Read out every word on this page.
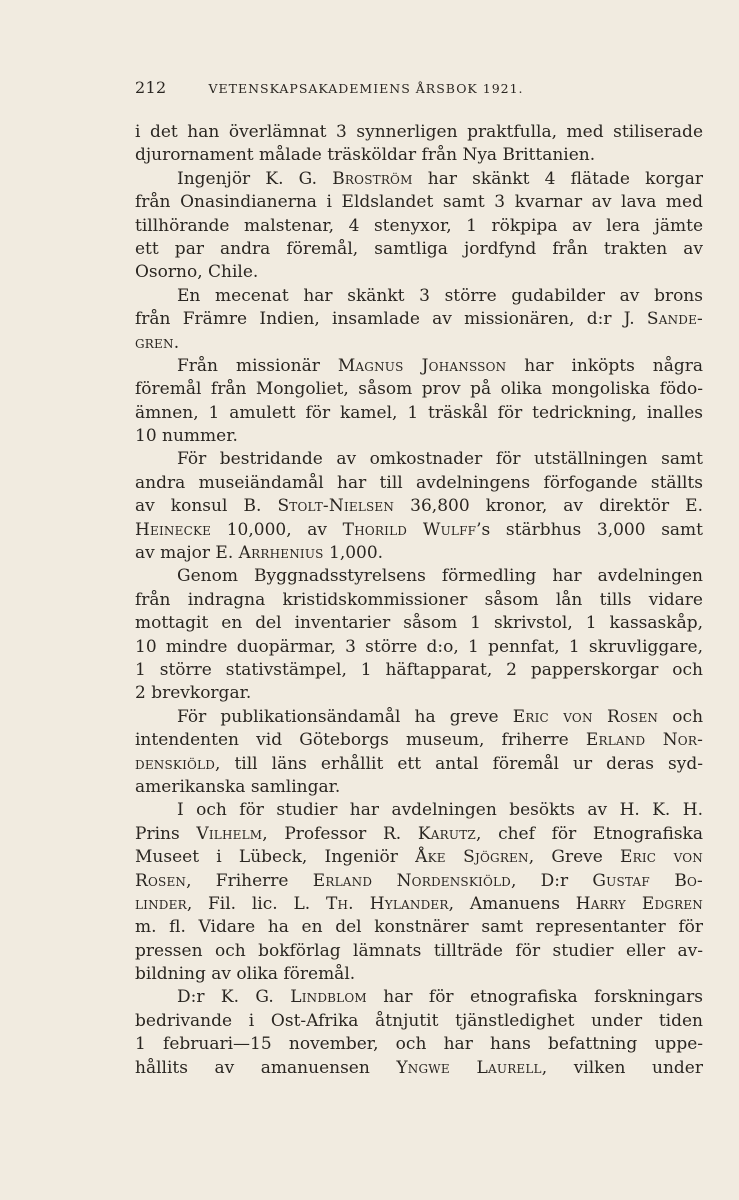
212	VETENSKAPSAKADEMIENS ÅRSBOK 1921.
i det han överlämnat 3 synnerligen praktfulla, med stiliserade
djurornament målade träsköldar från Nya Brittanien.
Ingenjör K. G. Broström har skänkt 4 flätade korgar
från Onasindianerna i Eldslandet samt 3 kvarnar av lava med
tillhörande malstenar, 4 stenyxor, 1 rökpipa av lera jämte
ett par andra föremål, samtliga jordfynd från trakten av
Osorno, Chile.
En mecenat har skänkt 3 större gudabilder av brons
från Främre Indien, insamlade av missionären, d:r J. Sande-
gren.
Från missionär Magnus Johansson har inköpts några
föremål från Mongoliet, såsom prov på olika mongoliska födo-
ämnen, 1 amulett för kamel, 1 träskål för tedrickning, inalles
10 nummer.
För bestridande av omkostnader för utställningen samt
andra museiändamål har till avdelningens förfogande ställts
av konsul B. Stolt-Nielsen 36,800 kronor, av direktör E.
Heinecke 10,000, av Thorild Wulff’s stärbhus 3,000 samt
av major E. Arrhenius 1,000.
Genom Byggnadsstyrelsens förmedling har avdelningen
från indragna kristidskommissioner såsom lån tills vidare
mottagit en del inventarier såsom 1 skrivstol, 1 kassaskåp,
10 mindre duopärmar, 3 större d:o, 1 pennfat, 1 skruvliggare,
1 större stativstämpel, 1 häftapparat, 2 papperskorgar och
2 brevkorgar.
För publikationsändamål ha greve Eric von Rosen och
intendenten vid Göteborgs museum, friherre Erland Nor-
denskiöld, till läns erhållit ett antal föremål ur deras syd-
amerikanska samlingar.
I och för studier har avdelningen besökts av H. K. H.
Prins Vilhelm, Professor R. Karutz, chef för Etnografiska
Museet i Lübeck, Ingeniör Åke Sjögren, Greve Eric von
Rosen, Friherre Erland Nordenskiöld, D:r Gustaf Bo-
linder, Fil. lic. L. Th. Hylander, Amanuens Harry Edgren
m. fl. Vidare ha en del konstnärer samt representanter för
pressen och bokförlag lämnats tillträde för studier eller av-
bildning av olika föremål.
D:r K. G. Lindblom har för etnografiska forskningars
bedrivande i Ost-Afrika åtnjutit tjänstledighet under tiden
1 februari—15 november, och har hans befattning uppe-
hållits av amanuensen Yngwe Laurell, vilken under
